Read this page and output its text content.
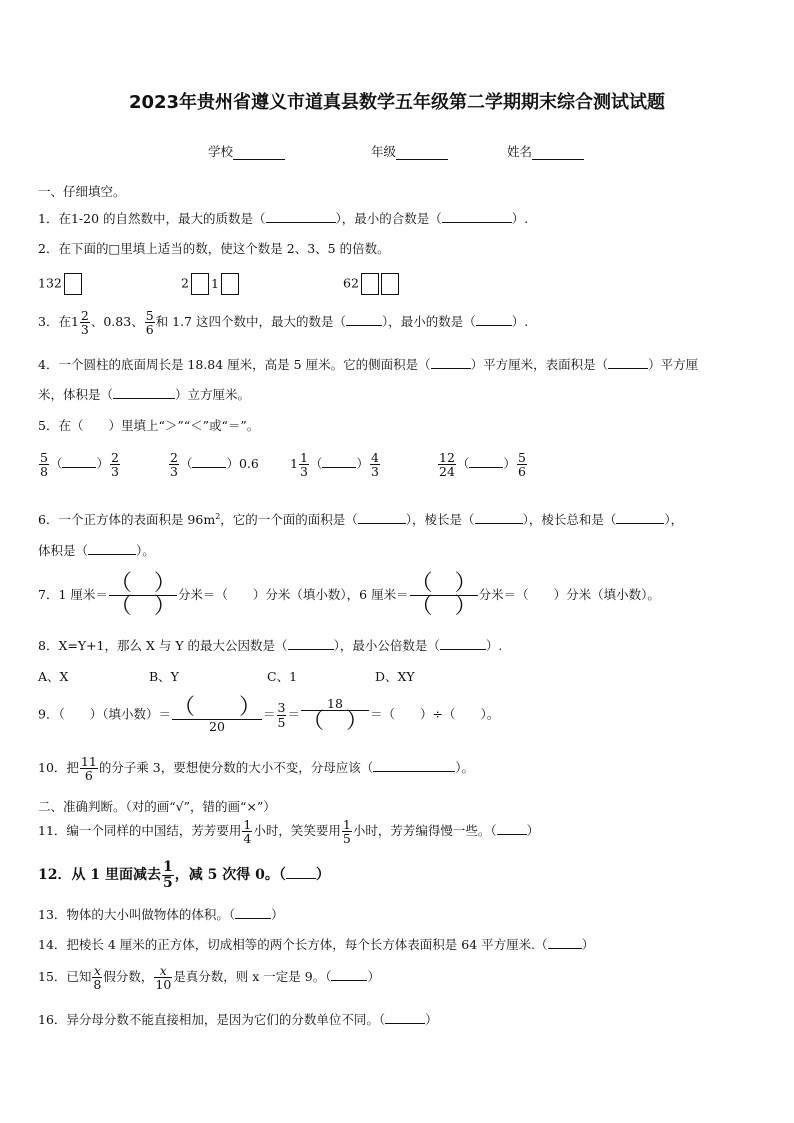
2023年贵州省遵义市道真县数学五年级第二学期期末综合测试试题
学校	年级	姓名
一、仔细填空。
1．在1-20 的自然数中，最大的质数是（	），最小的合数是（	）.
2．在下面的□里填上适当的数，使这个数是 2、3、5 的倍数。
132	2 1	62
3．在$1 \frac{2}{3}$ 、0.83、 $\frac{5}{6}$ 和 1.7 这四个数中，最大的数是（	），最小的数是（	）.
4．一个圆柱的底面周长是 18.84 厘米，高是 5 厘米。它的侧面积是（	）平方厘米，表面积是（	）平方厘
米，体积是（	）立方厘米。
5．在（　　）里填上“＞”“＜”或“＝”。
$\frac{5}{8}$ （	） $\frac{2}{3}$	$\frac{2}{3}$ （	）0.6 $1 \frac{1}{3}$ （	） $\frac{4}{3}$	$\frac{12}{24}$ （	） $\frac{5}{6}$
6．一个正方体的表面积是 $96m^2$，它的一个面的面积是（	），棱长是（	），棱长总和是（	），
体积是（	）。
7．1 厘米＝ $\frac{( )}{( )}$ 分米＝（　　）分米（填小数），6 厘米＝ $\frac{( )}{( )}$ 分米＝（　　）分米（填小数）。
8．X=Y+1，那么 X 与 Y 的最大公因数是（	），最小公倍数是（	）.
A、X	B、Y	C、1	D、XY
9．（　　）（填小数）＝ $\frac{( )}{20} = \frac{3}{5} = \frac{18}{( )}$ ＝（　　）÷（　　）。
10．把 $\frac{11}{6}$ 的分子乘 3，要想使分数的大小不变，分母应该（	）。
二、准确判断。（对的画“√”，错的画“×”）
11．编一个同样的中国结，芳芳要用 $\frac{1}{4}$ 小时，笑笑要用 $\frac{1}{5}$ 小时，芳芳编得慢一些。（ ）
12．从 1 里面减去 $\frac{1}{5}$ ，减 5 次得 0。（ ）
13．物体的大小叫做物体的体积。（	）
14．把棱长 4 厘米的正方体，切成相等的两个长方体，每个长方体表面积是 64 平方厘米.（	）
15．已知 $\frac{x}{8}$ 假分数， $\frac{x}{10}$ 是真分数，则 x 一定是 9。（	）
16．异分母分数不能直接相加，是因为它们的分数单位不同。（	）
